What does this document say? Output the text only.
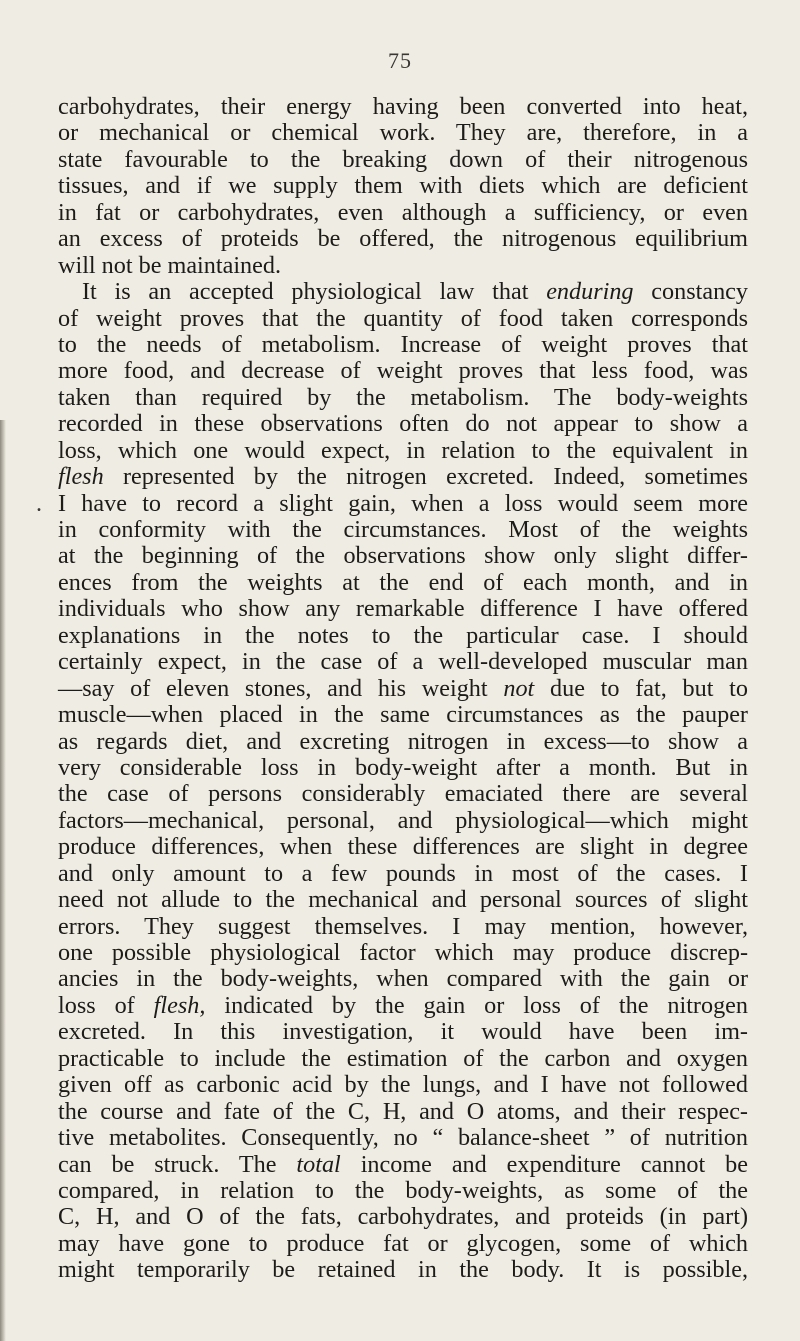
75
carbohydrates, their energy having been converted into heat,
or mechanical or chemical work. They are, therefore, in a
state favourable to the breaking down of their nitrogenous
tissues, and if we supply them with diets which are deficient
in fat or carbohydrates, even although a sufficiency, or even
an excess of proteids be offered, the nitrogenous equilibrium
will not be maintained.
It is an accepted physiological law that enduring constancy
of weight proves that the quantity of food taken corresponds
to the needs of metabolism. Increase of weight proves that
more food, and decrease of weight proves that less food, was
taken than required by the metabolism. The body-weights
recorded in these observations often do not appear to show a
loss, which one would expect, in relation to the equivalent in
flesh represented by the nitrogen excreted. Indeed, sometimes
I have to record a slight gain, when a loss would seem more
.
in conformity with the circumstances. Most of the weights
at the beginning of the observations show only slight differ-
ences from the weights at the end of each month, and in
individuals who show any remarkable difference I have offered
explanations in the notes to the particular case. I should
certainly expect, in the case of a well-developed muscular man
—say of eleven stones, and his weight not due to fat, but to
muscle—when placed in the same circumstances as the pauper
as regards diet, and excreting nitrogen in excess—to show a
very considerable loss in body-weight after a month. But in
the case of persons considerably emaciated there are several
factors—mechanical, personal, and physiological—which might
produce differences, when these differences are slight in degree
and only amount to a few pounds in most of the cases. I
need not allude to the mechanical and personal sources of slight
errors. They suggest themselves. I may mention, however,
one possible physiological factor which may produce discrep-
ancies in the body-weights, when compared with the gain or
loss of flesh, indicated by the gain or loss of the nitrogen
excreted. In this investigation, it would have been im-
practicable to include the estimation of the carbon and oxygen
given off as carbonic acid by the lungs, and I have not followed
the course and fate of the C, H, and O atoms, and their respec-
tive metabolites. Consequently, no “ balance-sheet ” of nutrition
can be struck. The total income and expenditure cannot be
compared, in relation to the body-weights, as some of the
C, H, and O of the fats, carbohydrates, and proteids (in part)
may have gone to produce fat or glycogen, some of which
might temporarily be retained in the body. It is possible,
